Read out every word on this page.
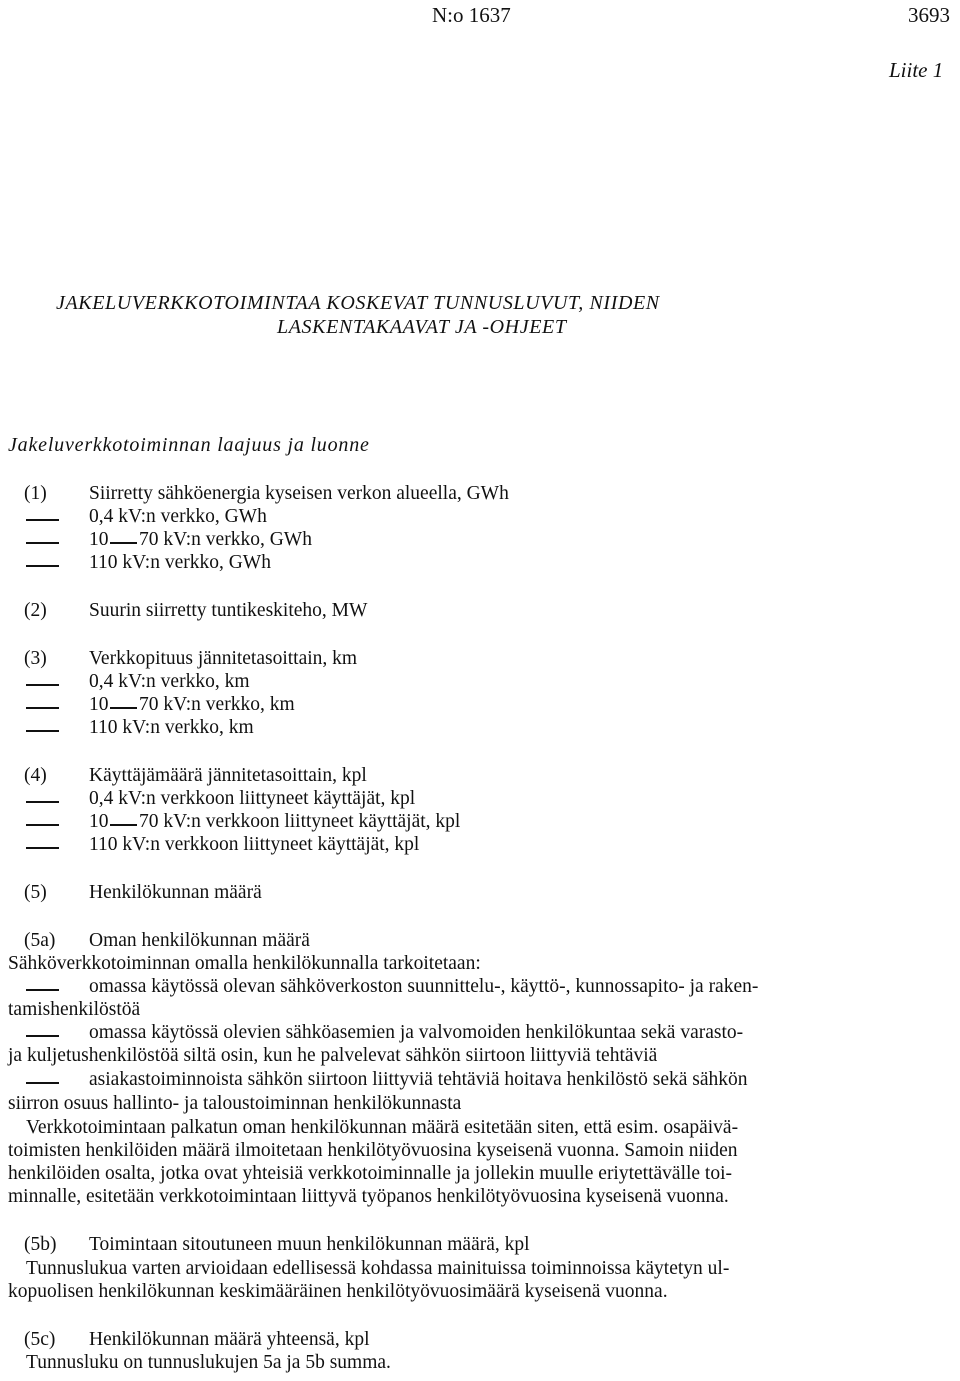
N:o 1637	3693
Liite 1
JAKELUVERKKOTOIMINTAA KOSKEVAT TUNNUSLUVUT, NIIDEN
LASKENTAKAAVAT JA -OHJEET
Jakeluverkkotoiminnan laajuus ja luonne
(1) Siirretty sähköenergia kyseisen verkon alueella, GWh
0,4 kV:n verkko, GWh
10 70 kV:n verkko, GWh
110 kV:n verkko, GWh
(2) Suurin siirretty tuntikeskiteho, MW
(3) Verkkopituus jännitetasoittain, km
0,4 kV:n verkko, km
10 70 kV:n verkko, km
110 kV:n verkko, km
(4) Käyttäjämäärä jännitetasoittain, kpl
0,4 kV:n verkkoon liittyneet käyttäjät, kpl
10 70 kV:n verkkoon liittyneet käyttäjät, kpl
110 kV:n verkkoon liittyneet käyttäjät, kpl
(5) Henkilökunnan määrä
(5a) Oman henkilökunnan määrä
Sähköverkkotoiminnan omalla henkilökunnalla tarkoitetaan:
omassa käytössä olevan sähköverkoston suunnittelu-, käyttö-, kunnossapito- ja raken-
tamishenkilöstöä
omassa käytössä olevien sähköasemien ja valvomoiden henkilökuntaa sekä varasto-
ja kuljetushenkilöstöä siltä osin, kun he palvelevat sähkön siirtoon liittyviä tehtäviä
asiakastoiminnoista sähkön siirtoon liittyviä tehtäviä hoitava henkilöstö sekä sähkön
siirron osuus hallinto- ja taloustoiminnan henkilökunnasta
Verkkotoimintaan palkatun oman henkilökunnan määrä esitetään siten, että esim. osapäivä-
toimisten henkilöiden määrä ilmoitetaan henkilötyövuosina kyseisenä vuonna. Samoin niiden
henkilöiden osalta, jotka ovat yhteisiä verkkotoiminnalle ja jollekin muulle eriytettävälle toi-
minnalle, esitetään verkkotoimintaan liittyvä työpanos henkilötyövuosina kyseisenä vuonna.
(5b) Toimintaan sitoutuneen muun henkilökunnan määrä, kpl
Tunnuslukua varten arvioidaan edellisessä kohdassa mainituissa toiminnoissa käytetyn ul-
kopuolisen henkilökunnan keskimääräinen henkilötyövuosimäärä kyseisenä vuonna.
(5c) Henkilökunnan määrä yhteensä, kpl
Tunnusluku on tunnuslukujen 5a ja 5b summa.
